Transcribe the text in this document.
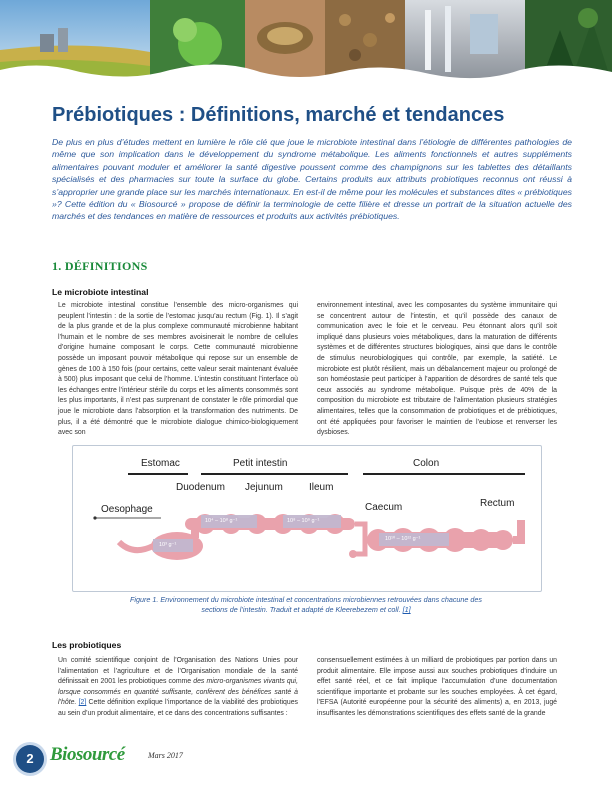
Prébiotiques : Définitions, marché et tendances

De plus en plus d’études mettent en lumière le rôle clé que joue le microbiote intestinal dans l’étiologie de différentes pathologies de même que son implication dans le développement du syndrome métabolique. Les aliments fonctionnels et autres suppléments alimentaires pouvant moduler et améliorer la santé digestive poussent comme des champignons sur les tablettes des détaillants spécialisés et des pharmacies sur toute la surface du globe. Certains produits aux attributs probiotiques reconnus ont réussi à s’approprier une grande place sur les marchés internationaux. En est-il de même pour les molécules et substances dites « prébiotiques »? Cette édition du « Biosourcé » propose de définir la terminologie de cette filière et dresse un portrait de la situation actuelle des marchés et des tendances en matière de ressources et produits aux activités prébiotiques.

1. DÉFINITIONS
Le microbiote intestinal

Le microbiote intestinal constitue l’ensemble des micro-organismes qui peuplent l’intestin : de la sortie de l’estomac jusqu’au rectum (Fig. 1). Il s’agit de la plus grande et de la plus complexe communauté microbienne habitant l’humain et le nombre de ses membres avoisinerait le nombre de cellules d’origine humaine composant le corps. Cette communauté microbienne possède un imposant pouvoir métabolique qui repose sur un ensemble de gènes de 100 à 150 fois (pour certains, cette valeur serait maintenant évaluée à 500) plus imposant que celui de l’homme. L’intestin constituant l’interface où les échanges entre l’intérieur stérile du corps et les aliments consommés sont les plus importants, il n’est pas surprenant de constater le rôle primordial que joue le microbiote dans l’absorption et la transformation des nutriments. De plus, il a été démontré que le microbiote dialogue chimico-biologiquement avec son

environnement intestinal, avec les composantes du système immunitaire qui se concentrent autour de l’intestin, et qu’il possède des canaux de communication avec le foie et le cerveau. Peu étonnant alors qu’il soit impliqué dans plusieurs voies métaboliques, dans la maturation de différents systèmes et de différentes structures biologiques, ainsi que dans le contrôle de stimulus neurobiologiques qui contrôle, par exemple, la satiété. Le microbiote est plutôt résilient, mais un débalancement majeur ou prolongé de son homéostasie peut participer à l’apparition de désordres de santé tels que ceux associés au syndrome métabolique. Puisque près de 40% de la composition du microbiote est tributaire de l’alimentation plusieurs stratégies alimentaires, telles que la consommation de probiotiques et de prébiotiques, ont été appliquées pour favoriser le maintien de l’eubiose et renverser les dysbioses.

Estomac	Petit intestin	Colon
Duodenum Jejunum	Ileum
Oesophage	Caecum	Rectum
10³ g⁻¹
10⁴ – 10⁸ g⁻¹	10⁸ – 10⁹ g⁻¹
10¹⁰ – 10¹² g⁻¹

Figure 1. Environnement du microbiote intestinal et concentrations microbiennes retrouvées dans chacune des sections de l’intestin. Traduit et adapté de Kleerebezem et coll. [1]

Les probiotiques

Un comité scientifique conjoint de l’Organisation des Nations Unies pour l’alimentation et l’agriculture et de l’Organisation mondiale de la santé définissait en 2001 les probiotiques comme des micro-organismes vivants qui, lorsque consommés en quantité suffisante, confèrent des bénéfices santé à l’hôte. [2] Cette définition explique l’importance de la viabilité des probiotiques au sein d’un produit alimentaire, et ce dans des concentrations suffisantes :

consensuellement estimées à un milliard de probiotiques par portion dans un produit alimentaire. Elle impose aussi aux souches probiotiques d’induire un effet santé réel, et ce fait implique l’accumulation d’une documentation scientifique importante et probante sur les souches employées. À cet égard, l’EFSA (Autorité européenne pour la sécurité des aliments) a, en 2013, jugé insuffisantes les démonstrations scientifiques des effets santé de la grande

2 Biosourcé	Mars 2017
